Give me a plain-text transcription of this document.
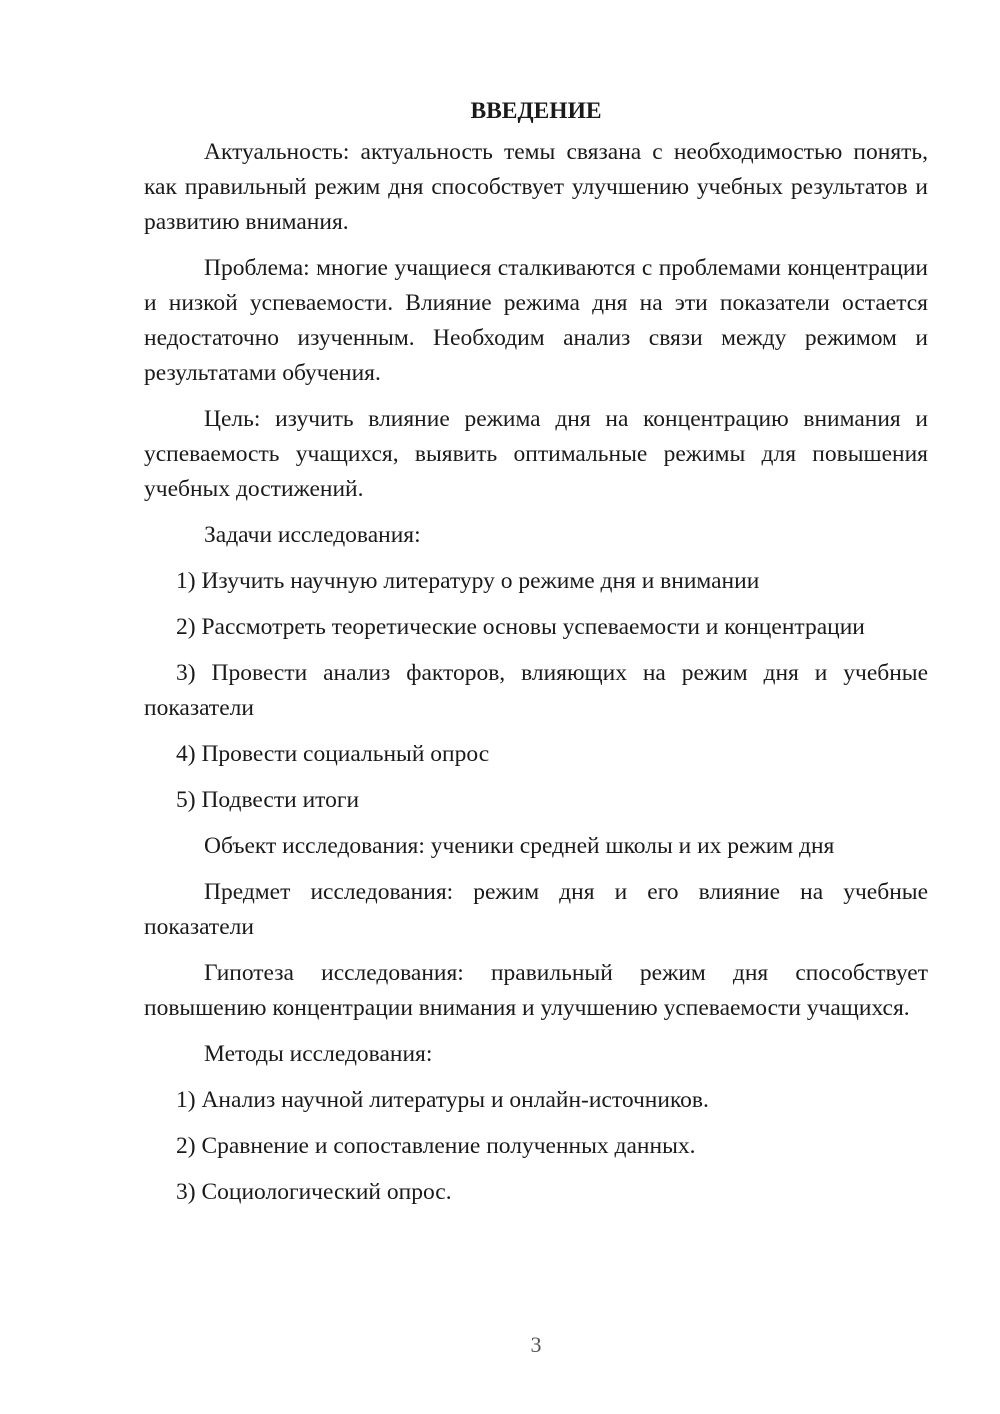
ВВЕДЕНИЕ

Актуальность: актуальность темы связана с необходимостью понять, как правильный режим дня способствует улучшению учебных результатов и развитию внимания.

Проблема: многие учащиеся сталкиваются с проблемами концентрации и низкой успеваемости. Влияние режима дня на эти показатели остается недостаточно изученным. Необходим анализ связи между режимом и результатами обучения.

Цель: изучить влияние режима дня на концентрацию внимания и успеваемость учащихся, выявить оптимальные режимы для повышения учебных достижений.

Задачи исследования:

1) Изучить научную литературу о режиме дня и внимании

2) Рассмотреть теоретические основы успеваемости и концентрации

3) Провести анализ факторов, влияющих на режим дня и учебные показатели

4) Провести социальный опрос

5) Подвести итоги

Объект исследования: ученики средней школы и их режим дня

Предмет исследования: режим дня и его влияние на учебные показатели

Гипотеза исследования: правильный режим дня способствует повышению концентрации внимания и улучшению успеваемости учащихся.

Методы исследования:

1) Анализ научной литературы и онлайн-источников.

2) Сравнение и сопоставление полученных данных.

3) Социологический опрос.

3
